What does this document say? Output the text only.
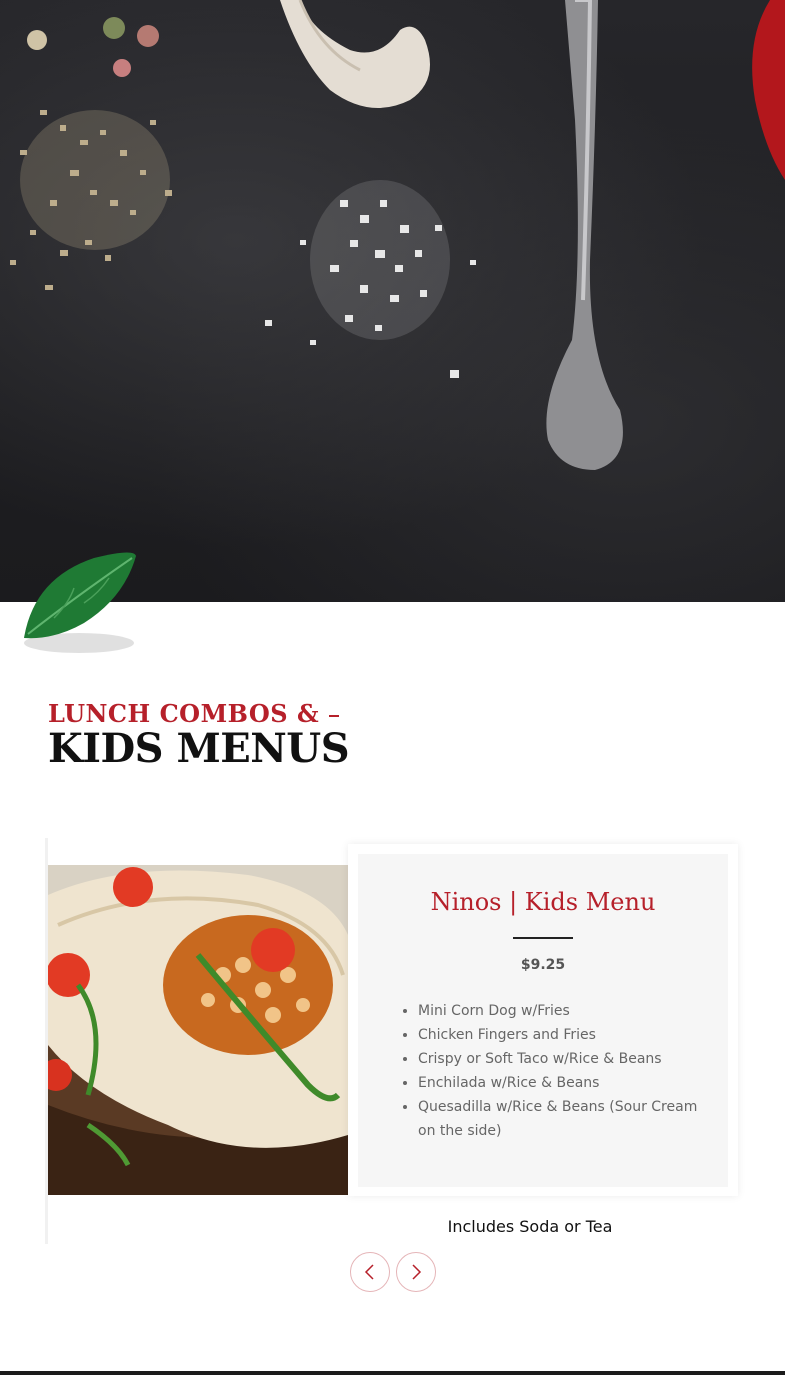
LUNCH COMBOS &
KIDS MENUS
Ninos | Kids Menu
$9.25
• Mini Corn Dog w/Fries
• Chicken Fingers and Fries
• Crispy or Soft Taco w/Rice & Beans
• Enchilada w/Rice & Beans
• Quesadilla w/Rice & Beans (Sour Cream on the side)
Includes Soda or Tea
